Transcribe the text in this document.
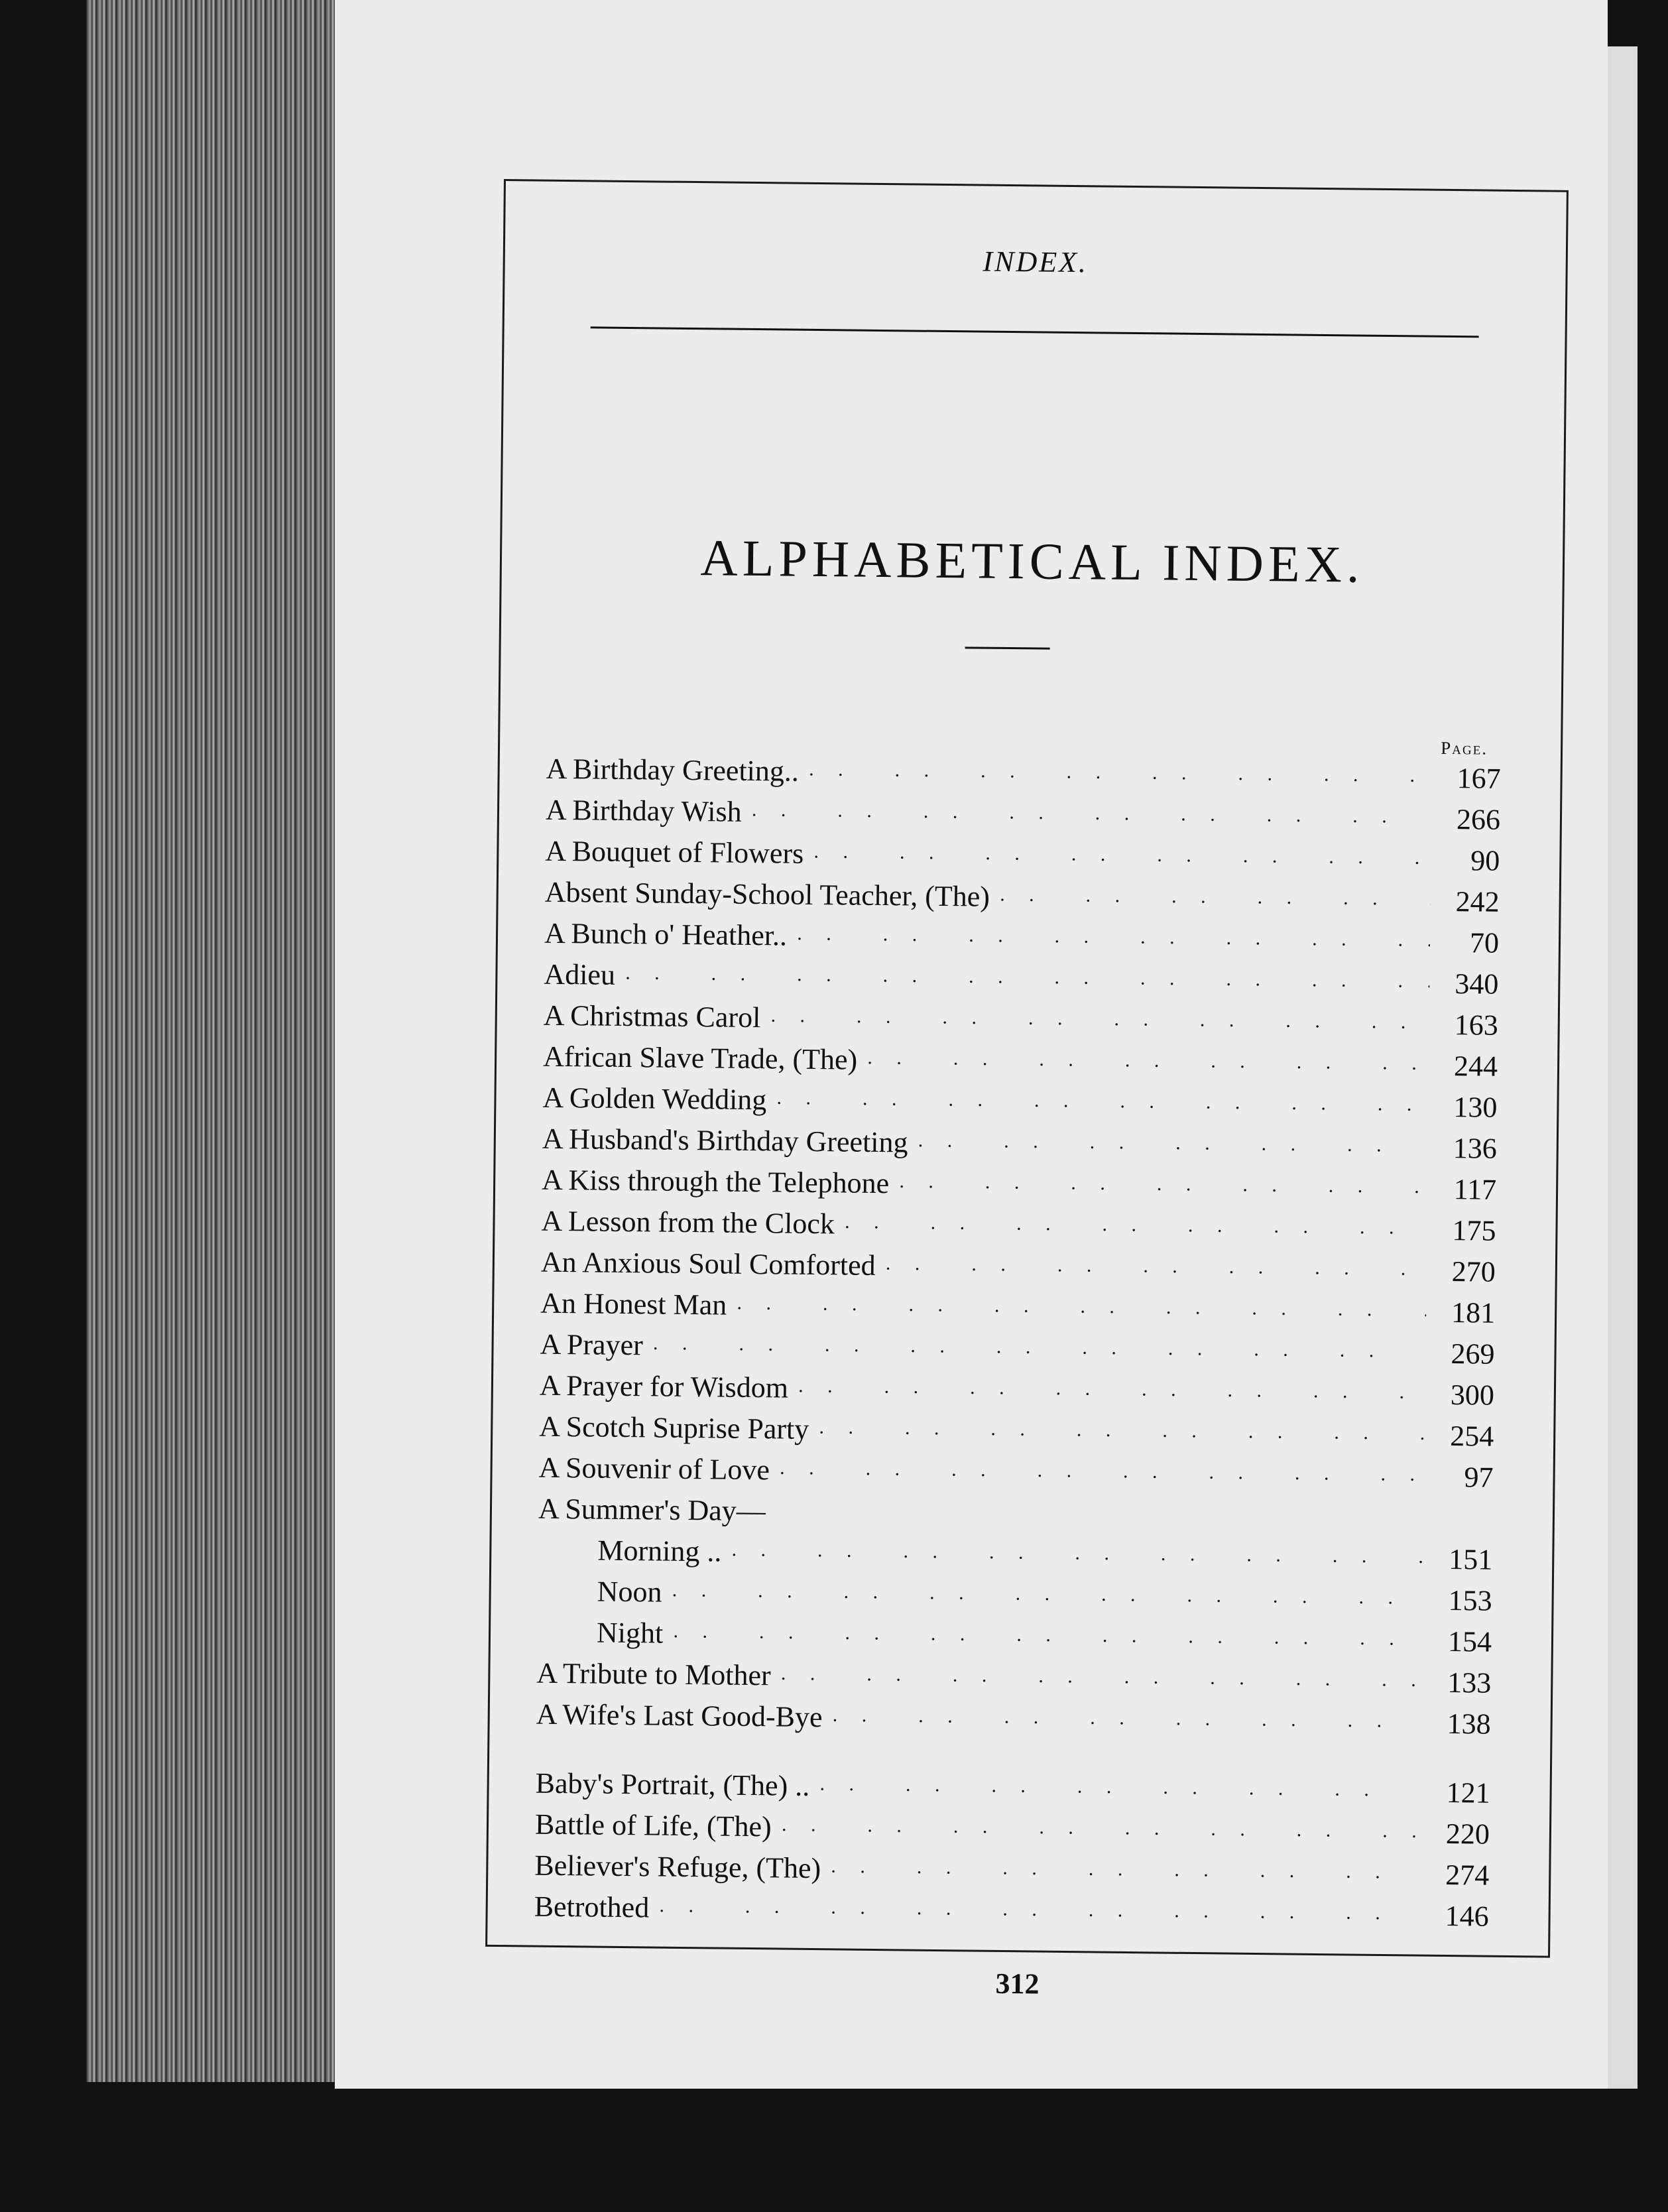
INDEX.
ALPHABETICAL INDEX.
Page.
A Birthday Greeting.. ·· ··	167
A Birthday Wish ·· ··	266
A Bouquet of Flowers ·· ··	90
Absent Sunday-School Teacher, (The) ·· ··	242
A Bunch o' Heather.. ·· ··	70
Adieu ·· ··	340
A Christmas Carol ·· ··	163
African Slave Trade, (The) ·· ··	244
A Golden Wedding ·· ··	130
A Husband's Birthday Greeting ·· ··	136
A Kiss through the Telephone ·· ··	117
A Lesson from the Clock ·· ··	175
An Anxious Soul Comforted ·· ··	270
An Honest Man ·· ··	181
A Prayer ·· ··	269
A Prayer for Wisdom ·· ··	300
A Scotch Suprise Party ·· ··	254
A Souvenir of Love ·· ··	97
A Summer's Day—
Morning .. ·· ··	151
Noon ·· ··	153
Night ·· ··	154
A Tribute to Mother ·· ··	133
A Wife's Last Good-Bye ·· ··	138
Baby's Portrait, (The) .. ·· ··	121
Battle of Life, (The) ·· ··	220
Believer's Refuge, (The) ·· ··	274
Betrothed ·· ··	146
312
